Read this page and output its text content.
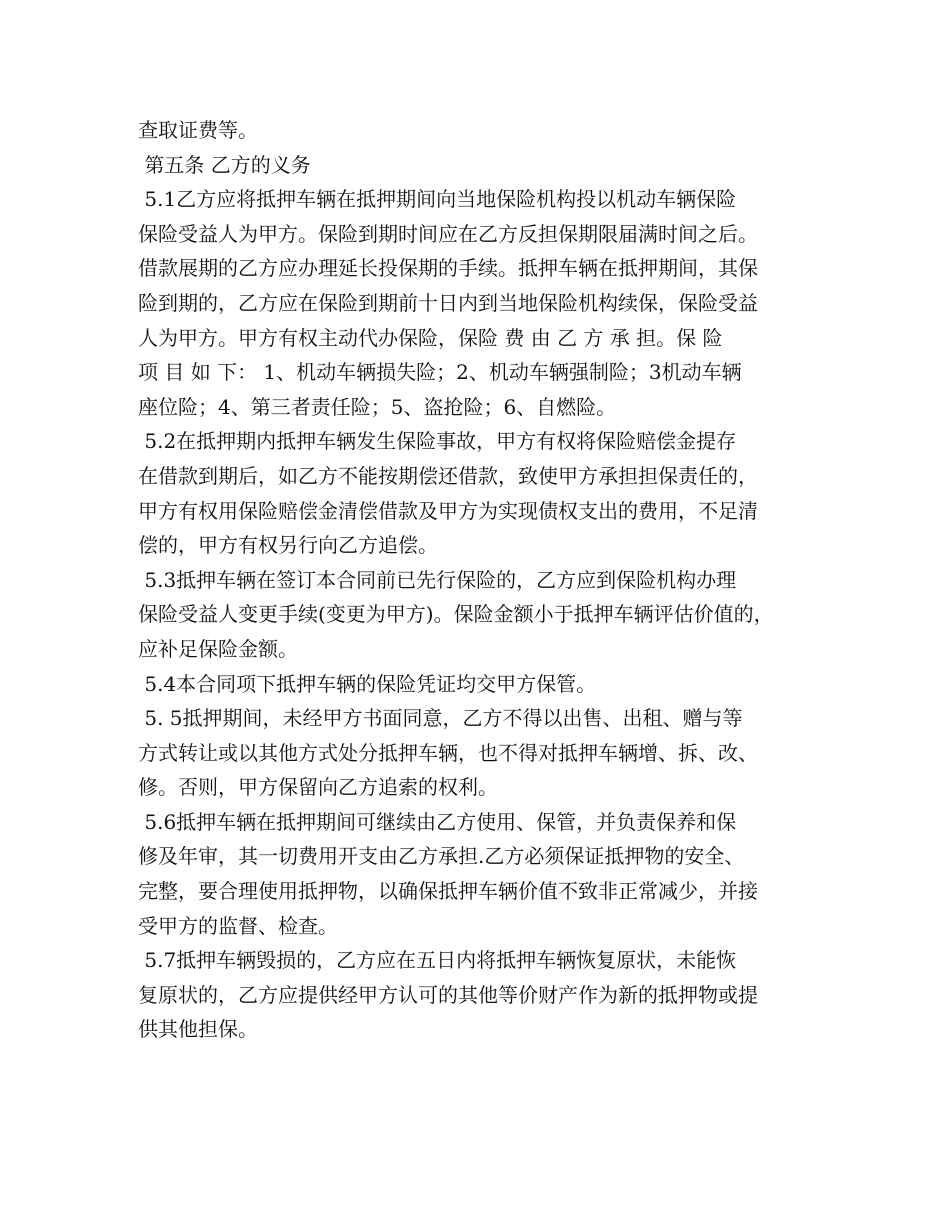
查取证费等。
第五条 乙方的义务
5.1乙方应将抵押车辆在抵押期间向当地保险机构投以机动车辆保险
保险受益人为甲方。保险到期时间应在乙方反担保期限届满时间之后。
借款展期的乙方应办理延长投保期的手续。抵押车辆在抵押期间，其保
险到期的，乙方应在保险到期前十日内到当地保险机构续保，保险受益
人为甲方。甲方有权主动代办保险，保险 费 由 乙 方 承 担。保 险
项 目 如 下： 1、机动车辆损失险；2、机动车辆强制险；3机动车辆
座位险；4、第三者责任险；5、盗抢险；6、自燃险。
5.2在抵押期内抵押车辆发生保险事故，甲方有权将保险赔偿金提存
在借款到期后，如乙方不能按期偿还借款，致使甲方承担担保责任的，
甲方有权用保险赔偿金清偿借款及甲方为实现债权支出的费用，不足清
偿的，甲方有权另行向乙方追偿。
5.3抵押车辆在签订本合同前已先行保险的，乙方应到保险机构办理
保险受益人变更手续(变更为甲方)。保险金额小于抵押车辆评估价值的，
应补足保险金额。
5.4本合同项下抵押车辆的保险凭证均交甲方保管。
5. 5抵押期间，未经甲方书面同意，乙方不得以出售、出租、赠与等
方式转让或以其他方式处分抵押车辆，也不得对抵押车辆增、拆、改、
修。否则，甲方保留向乙方追索的权利。
5.6抵押车辆在抵押期间可继续由乙方使用、保管，并负责保养和保
修及年审，其一切费用开支由乙方承担.乙方必须保证抵押物的安全、
完整，要合理使用抵押物，以确保抵押车辆价值不致非正常减少，并接
受甲方的监督、检查。
5.7抵押车辆毁损的，乙方应在五日内将抵押车辆恢复原状，未能恢
复原状的，乙方应提供经甲方认可的其他等价财产作为新的抵押物或提
供其他担保。
